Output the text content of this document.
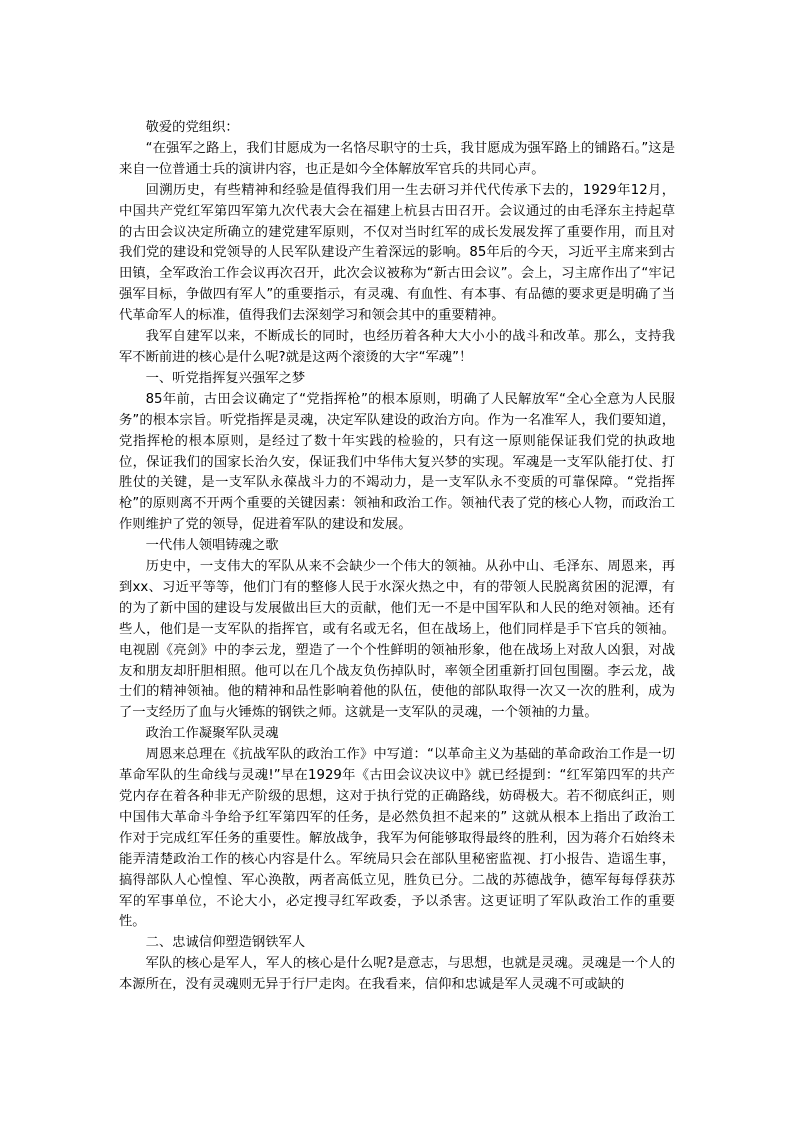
敬爱的党组织：

“在强军之路上，我们甘愿成为一名恪尽职守的士兵，我甘愿成为强军路上的铺路石。”这是来自一位普通士兵的演讲内容，也正是如今全体解放军官兵的共同心声。

回溯历史，有些精神和经验是值得我们用一生去研习并代代传承下去的，1929年12月，中国共产党红军第四军第九次代表大会在福建上杭县古田召开。会议通过的由毛泽东主持起草的古田会议决定所确立的建党建军原则，不仅对当时红军的成长发展发挥了重要作用，而且对我们党的建设和党领导的人民军队建设产生着深远的影响。85年后的今天，习近平主席来到古田镇，全军政治工作会议再次召开，此次会议被称为“新古田会议”。会上，习主席作出了“牢记强军目标，争做四有军人”的重要指示，有灵魂、有血性、有本事、有品德的要求更是明确了当代革命军人的标准，值得我们去深刻学习和领会其中的重要精神。

我军自建军以来，不断成长的同时，也经历着各种大大小小的战斗和改革。那么，支持我军不断前进的核心是什么呢?就是这两个滚烫的大字“军魂”！

一、听党指挥复兴强军之梦

85年前，古田会议确定了“党指挥枪”的根本原则，明确了人民解放军“全心全意为人民服务”的根本宗旨。听党指挥是灵魂，决定军队建设的政治方向。作为一名准军人，我们要知道，党指挥枪的根本原则，是经过了数十年实践的检验的，只有这一原则能保证我们党的执政地位，保证我们的国家长治久安，保证我们中华伟大复兴梦的实现。军魂是一支军队能打仗、打胜仗的关键，是一支军队永葆战斗力的不竭动力，是一支军队永不变质的可靠保障。“党指挥枪”的原则离不开两个重要的关键因素：领袖和政治工作。领袖代表了党的核心人物，而政治工作则维护了党的领导，促进着军队的建设和发展。

一代伟人领唱铸魂之歌

历史中，一支伟大的军队从来不会缺少一个伟大的领袖。从孙中山、毛泽东、周恩来，再到xx、习近平等等，他们门有的整修人民于水深火热之中，有的带领人民脱离贫困的泥潭，有的为了新中国的建设与发展做出巨大的贡献，他们无一不是中国军队和人民的绝对领袖。还有些人，他们是一支军队的指挥官，或有名或无名，但在战场上，他们同样是手下官兵的领袖。电视剧《亮剑》中的李云龙，塑造了一个个性鲜明的领袖形象，他在战场上对敌人凶狠，对战友和朋友却肝胆相照。他可以在几个战友负伤掉队时，率领全团重新打回包围圈。李云龙，战士们的精神领袖。他的精神和品性影响着他的队伍，使他的部队取得一次又一次的胜利，成为了一支经历了血与火锤炼的钢铁之师。这就是一支军队的灵魂，一个领袖的力量。

政治工作凝聚军队灵魂

周恩来总理在《抗战军队的政治工作》中写道：“以革命主义为基础的革命政治工作是一切革命军队的生命线与灵魂!”早在1929年《古田会议决议中》就已经提到：“红军第四军的共产党内存在着各种非无产阶级的思想，这对于执行党的正确路线，妨碍极大。若不彻底纠正，则中国伟大革命斗争给予红军第四军的任务，是必然负担不起来的” 这就从根本上指出了政治工作对于完成红军任务的重要性。解放战争，我军为何能够取得最终的胜利，因为蒋介石始终未能弄清楚政治工作的核心内容是什么。军统局只会在部队里秘密监视、打小报告、造谣生事，搞得部队人心惶惶、军心涣散，两者高低立见，胜负已分。二战的苏德战争，德军每每俘获苏军的军事单位，不论大小，必定搜寻红军政委，予以杀害。这更证明了军队政治工作的重要性。

二、忠诚信仰塑造钢铁军人

军队的核心是军人，军人的核心是什么呢?是意志，与思想，也就是灵魂。灵魂是一个人的本源所在，没有灵魂则无异于行尸走肉。在我看来，信仰和忠诚是军人灵魂不可或缺的
